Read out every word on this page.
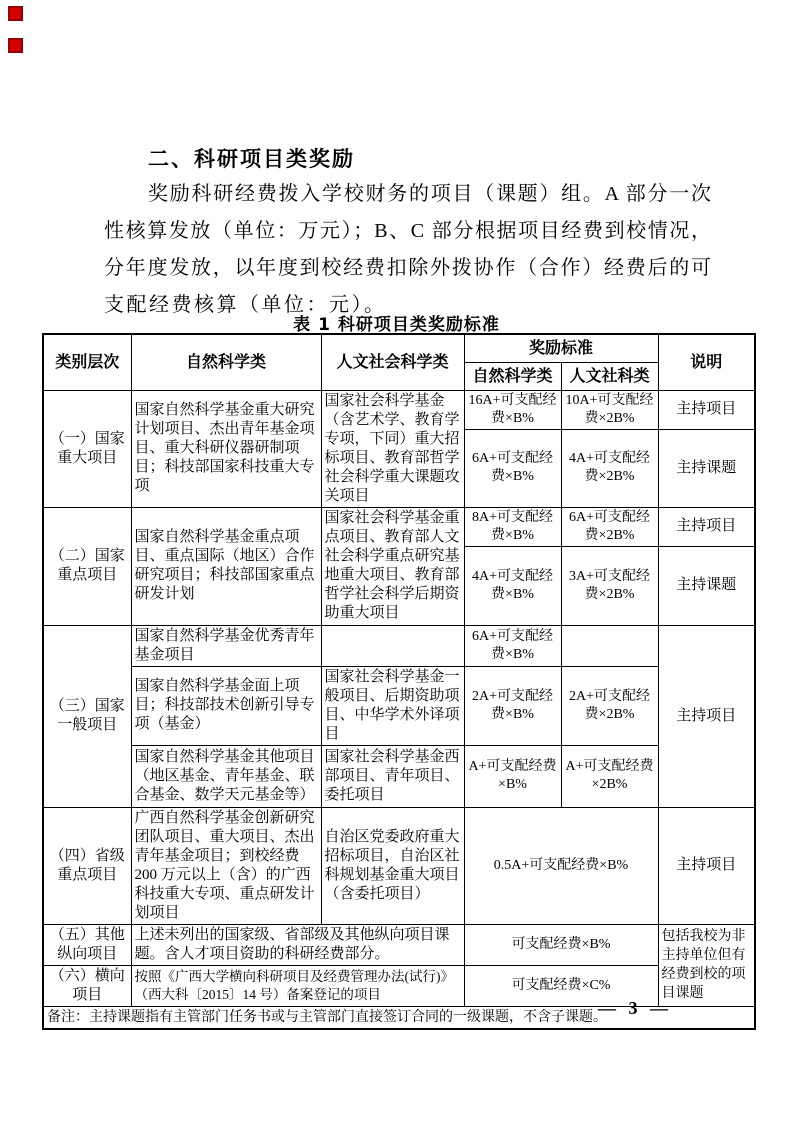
二、科研项目类奖励
奖励科研经费拨入学校财务的项目（课题）组。A 部分一次
性核算发放（单位：万元）；B、C 部分根据项目经费到校情况，
分年度发放，以年度到校经费扣除外拨协作（合作）经费后的可
支配经费核算（单位：元）。
表 1 科研项目类奖励标准
类别层次	自然科学类	人文社会科学类	奖励标准		说明
			自然科学类	人文社科类	
（一）国家重大项目	国家自然科学基金重大研究计划项目、杰出青年基金项目、重大科研仪器研制项目；科技部国家科技重大专项	国家社会科学基金（含艺术学、教育学专项，下同）重大招标项目、教育部哲学社会科学重大课题攻关项目	16A+可支配经费×B%	10A+可支配经费×2B%	主持项目
			6A+可支配经费×B%	4A+可支配经费×2B%	主持课题
（二）国家重点项目	国家自然科学基金重点项目、重点国际（地区）合作研究项目；科技部国家重点研发计划	国家社会科学基金重点项目、教育部人文社会科学重点研究基地重大项目、教育部哲学社会科学后期资助重大项目	8A+可支配经费×B%	6A+可支配经费×2B%	主持项目
			4A+可支配经费×B%	3A+可支配经费×2B%	主持课题
（三）国家一般项目	国家自然科学基金优秀青年基金项目		6A+可支配经费×B%		主持项目
	国家自然科学基金面上项目；科技部技术创新引导专项（基金）	国家社会科学基金一般项目、后期资助项目、中华学术外译项目	2A+可支配经费×B%	2A+可支配经费×2B%	
	国家自然科学基金其他项目（地区基金、青年基金、联合基金、数学天元基金等）	国家社会科学基金西部项目、青年项目、委托项目	A+可支配经费×B%	A+可支配经费×2B%	
（四）省级重点项目	广西自然科学基金创新研究团队项目、重大项目、杰出青年基金项目；到校经费 200 万元以上（含）的广西科技重大专项、重点研发计划项目	自治区党委政府重大招标项目，自治区社科规划基金重大项目（含委托项目）	0.5A+可支配经费×B%		主持项目
（五）其他纵向项目	上述未列出的国家级、省部级及其他纵向项目课题。含人才项目资助的科研经费部分。		可支配经费×B%		包括我校为非主持单位但有经费到校的项目课题
（六）横向项目	按照《广西大学横向科研项目及经费管理办法(试行)》（西大科〔2015〕14 号）备案登记的项目		可支配经费×C%		
备注：主持课题指有主管部门任务书或与主管部门直接签订合同的一级课题，不含子课题。					
— 3 —
